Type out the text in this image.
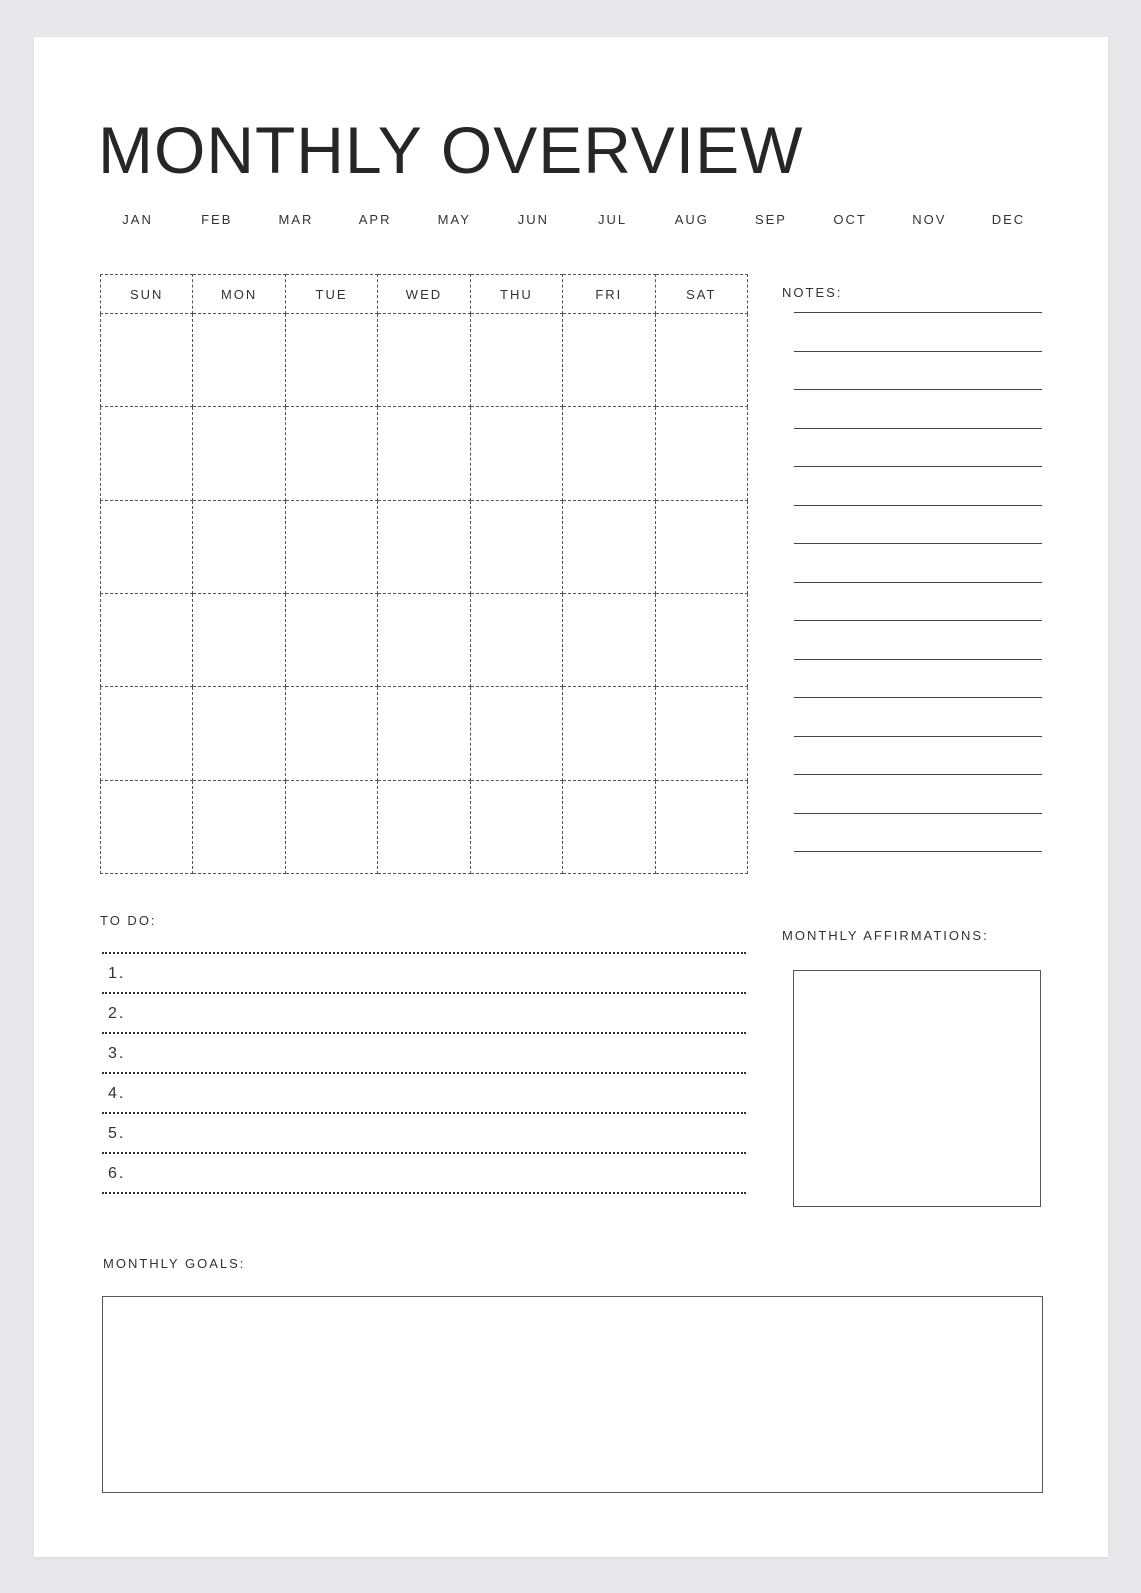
MONTHLY OVERVIEW
JAN	FEB	MAR	APR	MAY	JUN	JUL	AUG	SEP	OCT	NOV	DEC
SUN	MON	TUE	WED	THU	FRI	SAT

							NOTES:
TO DO:
1.
2.
3.
4.
5.
6.
MONTHLY AFFIRMATIONS:
MONTHLY GOALS:
